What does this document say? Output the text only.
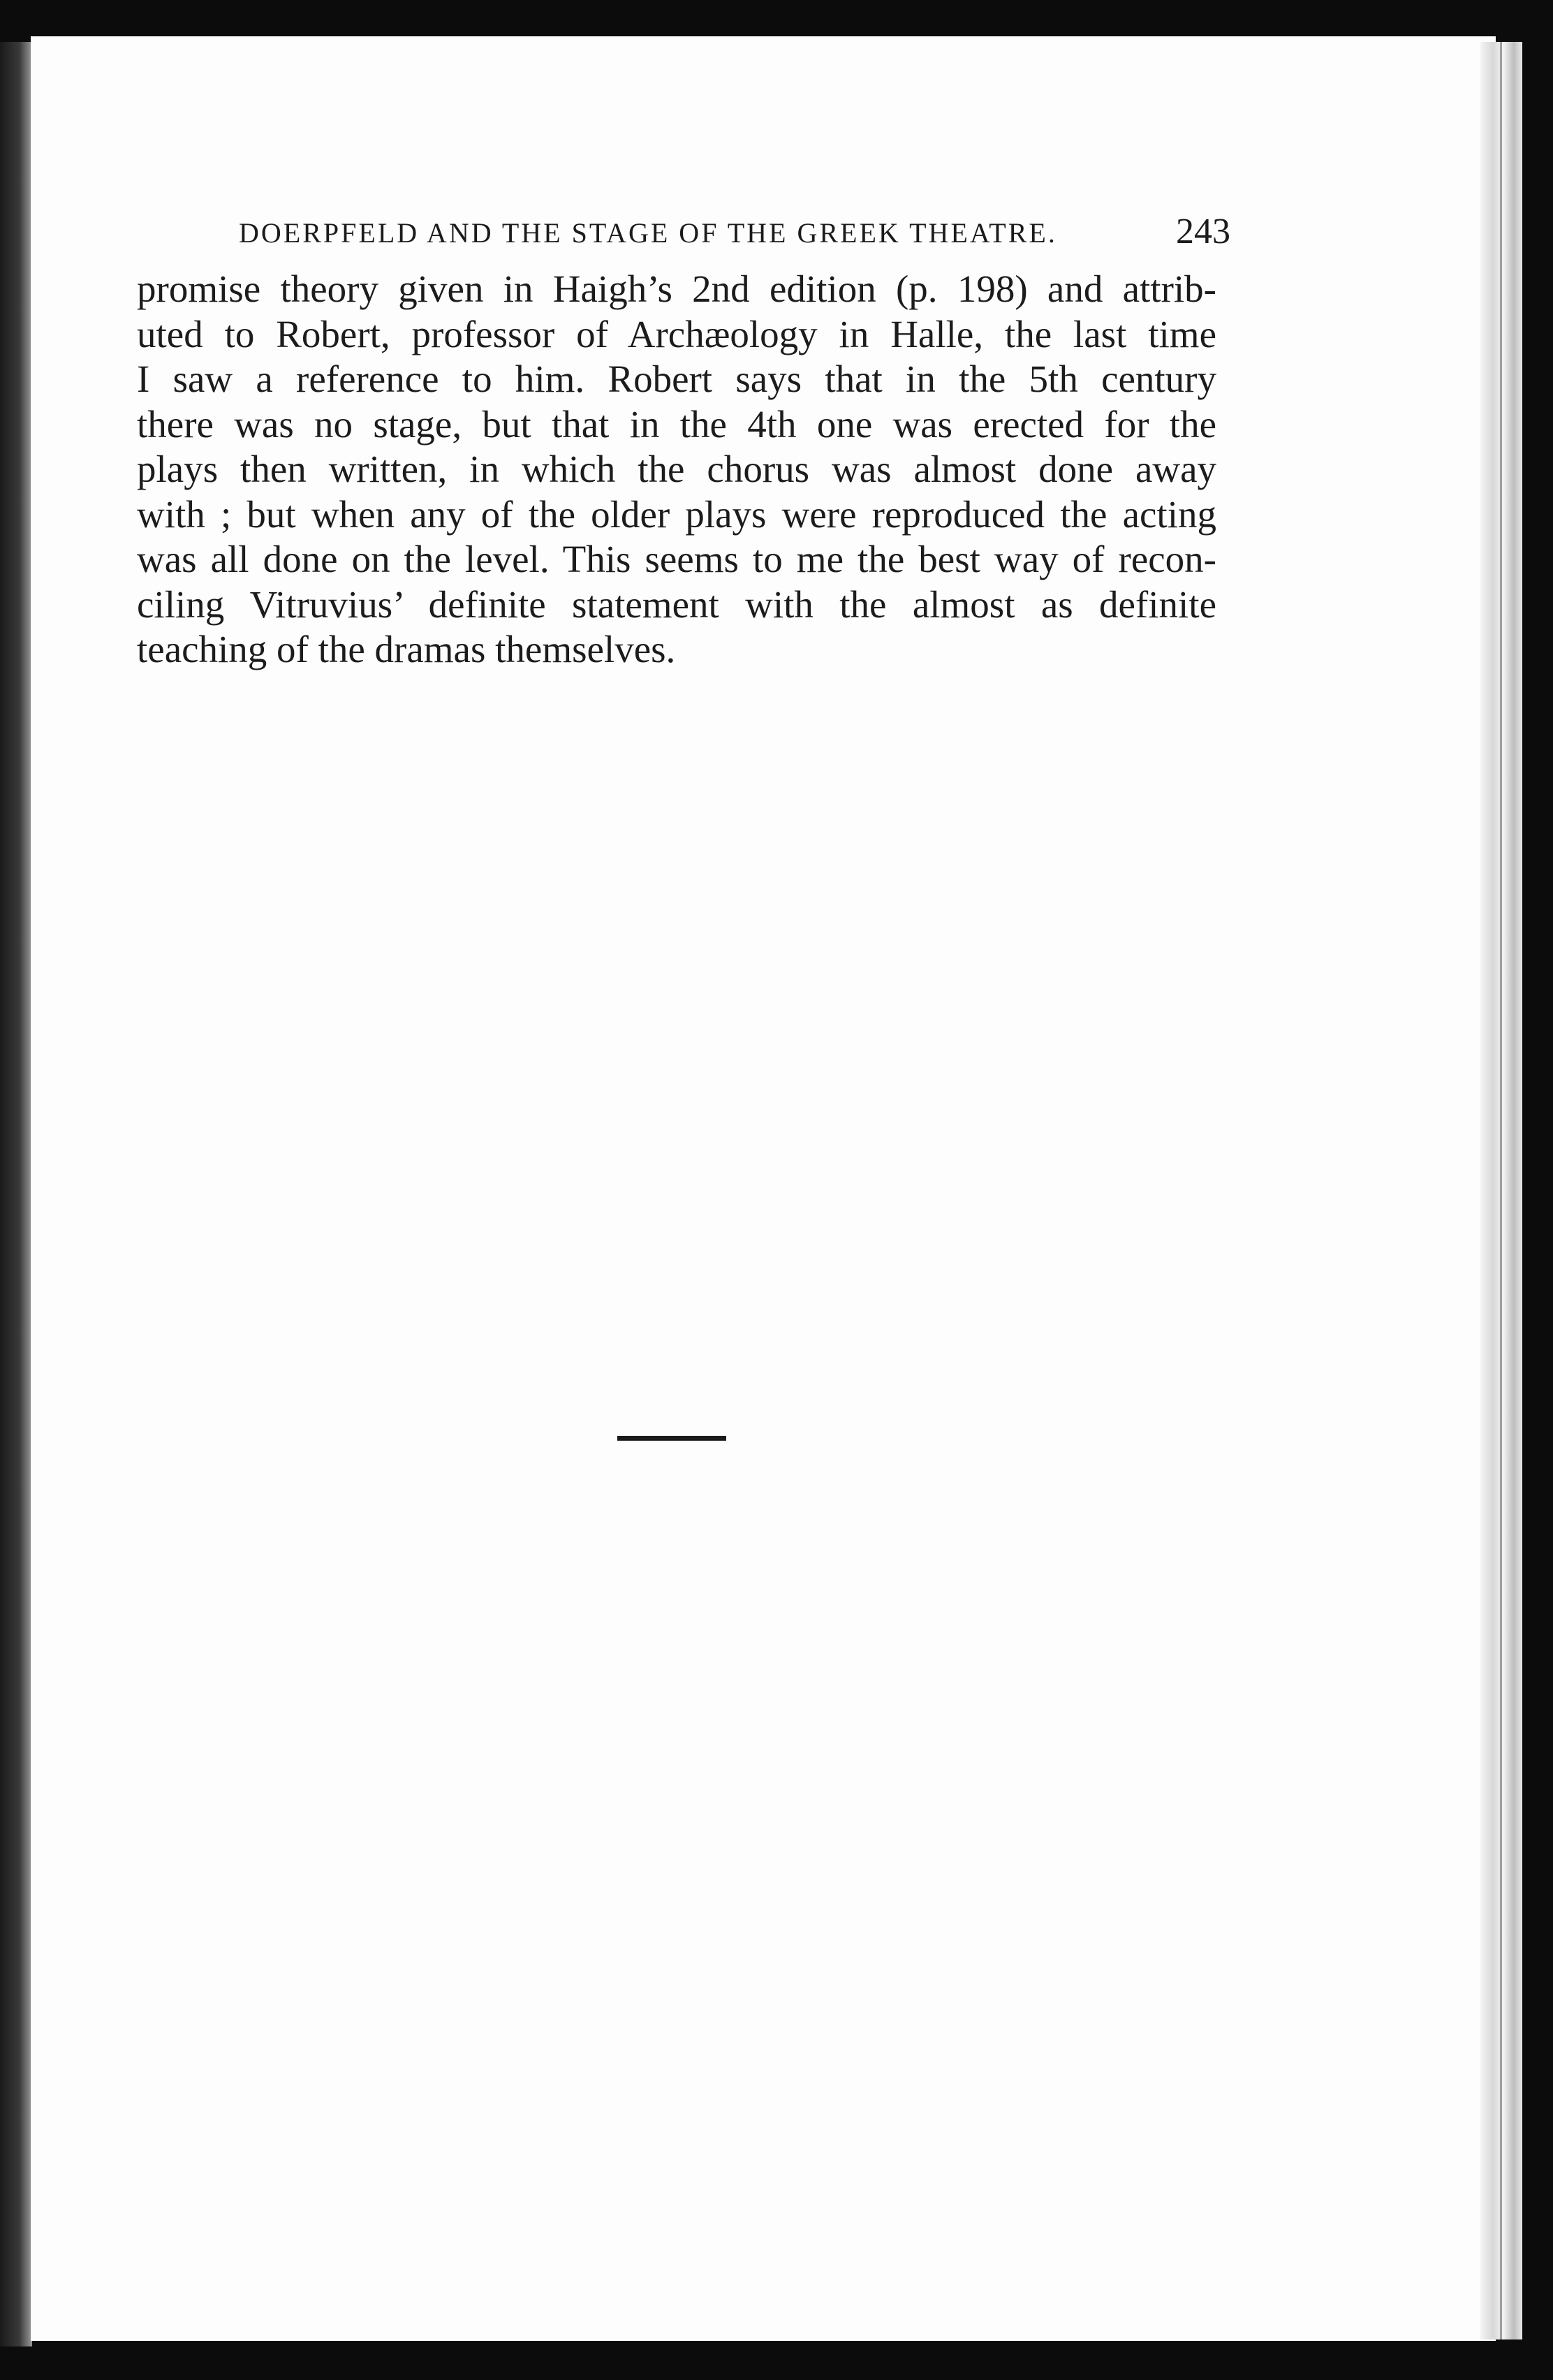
DOERPFELD AND THE STAGE OF THE GREEK THEATRE.	243

promise theory given in Haigh’s 2nd edition (p. 198) and attrib-
uted to Robert, professor of Archæology in Halle, the last time
I saw a reference to him. Robert says that in the 5th century
there was no stage, but that in the 4th one was erected for the
plays then written, in which the chorus was almost done away
with ; but when any of the older plays were reproduced the acting
was all done on the level. This seems to me the best way of recon-
ciling Vitruvius’ definite statement with the almost as definite
teaching of the dramas themselves.
